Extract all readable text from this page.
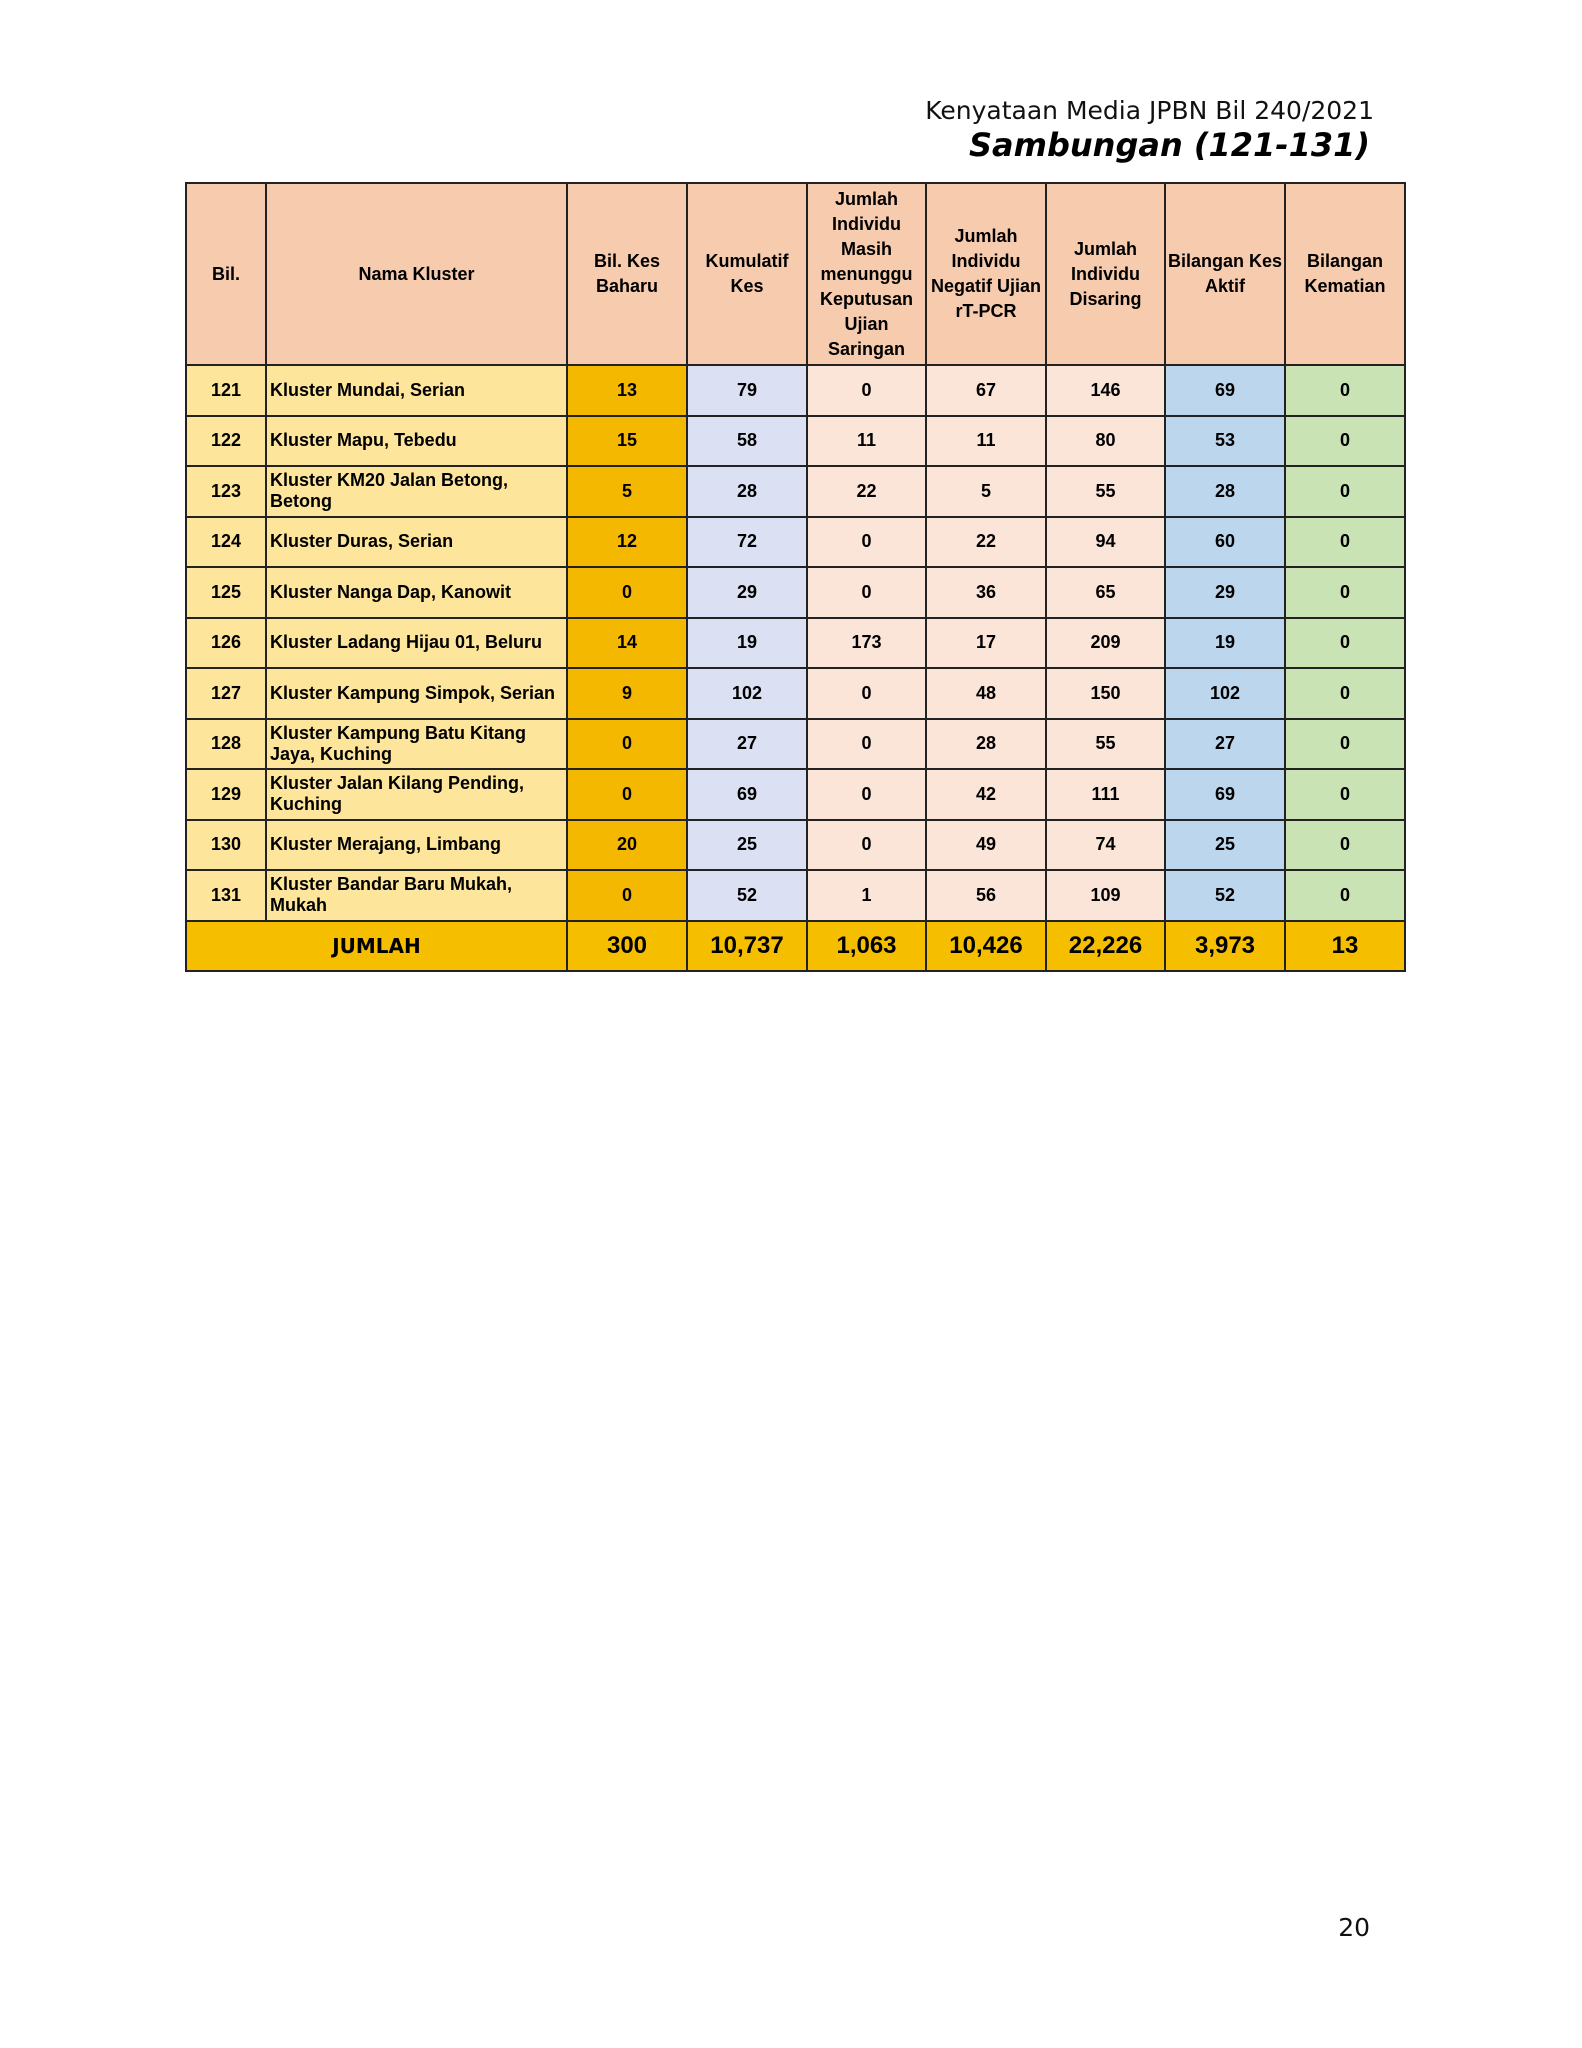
Kenyataan Media JPBN Bil 240/2021
Sambungan (121-131)
Bil.	Nama Kluster	Bil. Kes Baharu	Kumulatif Kes	Jumlah Individu Masih menunggu Keputusan Ujian Saringan	Jumlah Individu Negatif Ujian rT-PCR	Jumlah Individu Disaring	Bilangan Kes Aktif	Bilangan Kematian
121	Kluster Mundai, Serian	13	79	0	67	146	69	0
122	Kluster Mapu, Tebedu	15	58	11	11	80	53	0
123	Kluster KM20 Jalan Betong, Betong	5	28	22	5	55	28	0
124	Kluster Duras, Serian	12	72	0	22	94	60	0
125	Kluster Nanga Dap, Kanowit	0	29	0	36	65	29	0
126	Kluster Ladang Hijau 01, Beluru	14	19	173	17	209	19	0
127	Kluster Kampung Simpok, Serian	9	102	0	48	150	102	0
128	Kluster Kampung Batu Kitang Jaya, Kuching	0	27	0	28	55	27	0
129	Kluster Jalan Kilang Pending, Kuching	0	69	0	42	111	69	0
130	Kluster Merajang, Limbang	20	25	0	49	74	25	0
131	Kluster Bandar Baru Mukah, Mukah	0	52	1	56	109	52	0
JUMLAH		300	10,737	1,063	10,426	22,226	3,973	13
20
